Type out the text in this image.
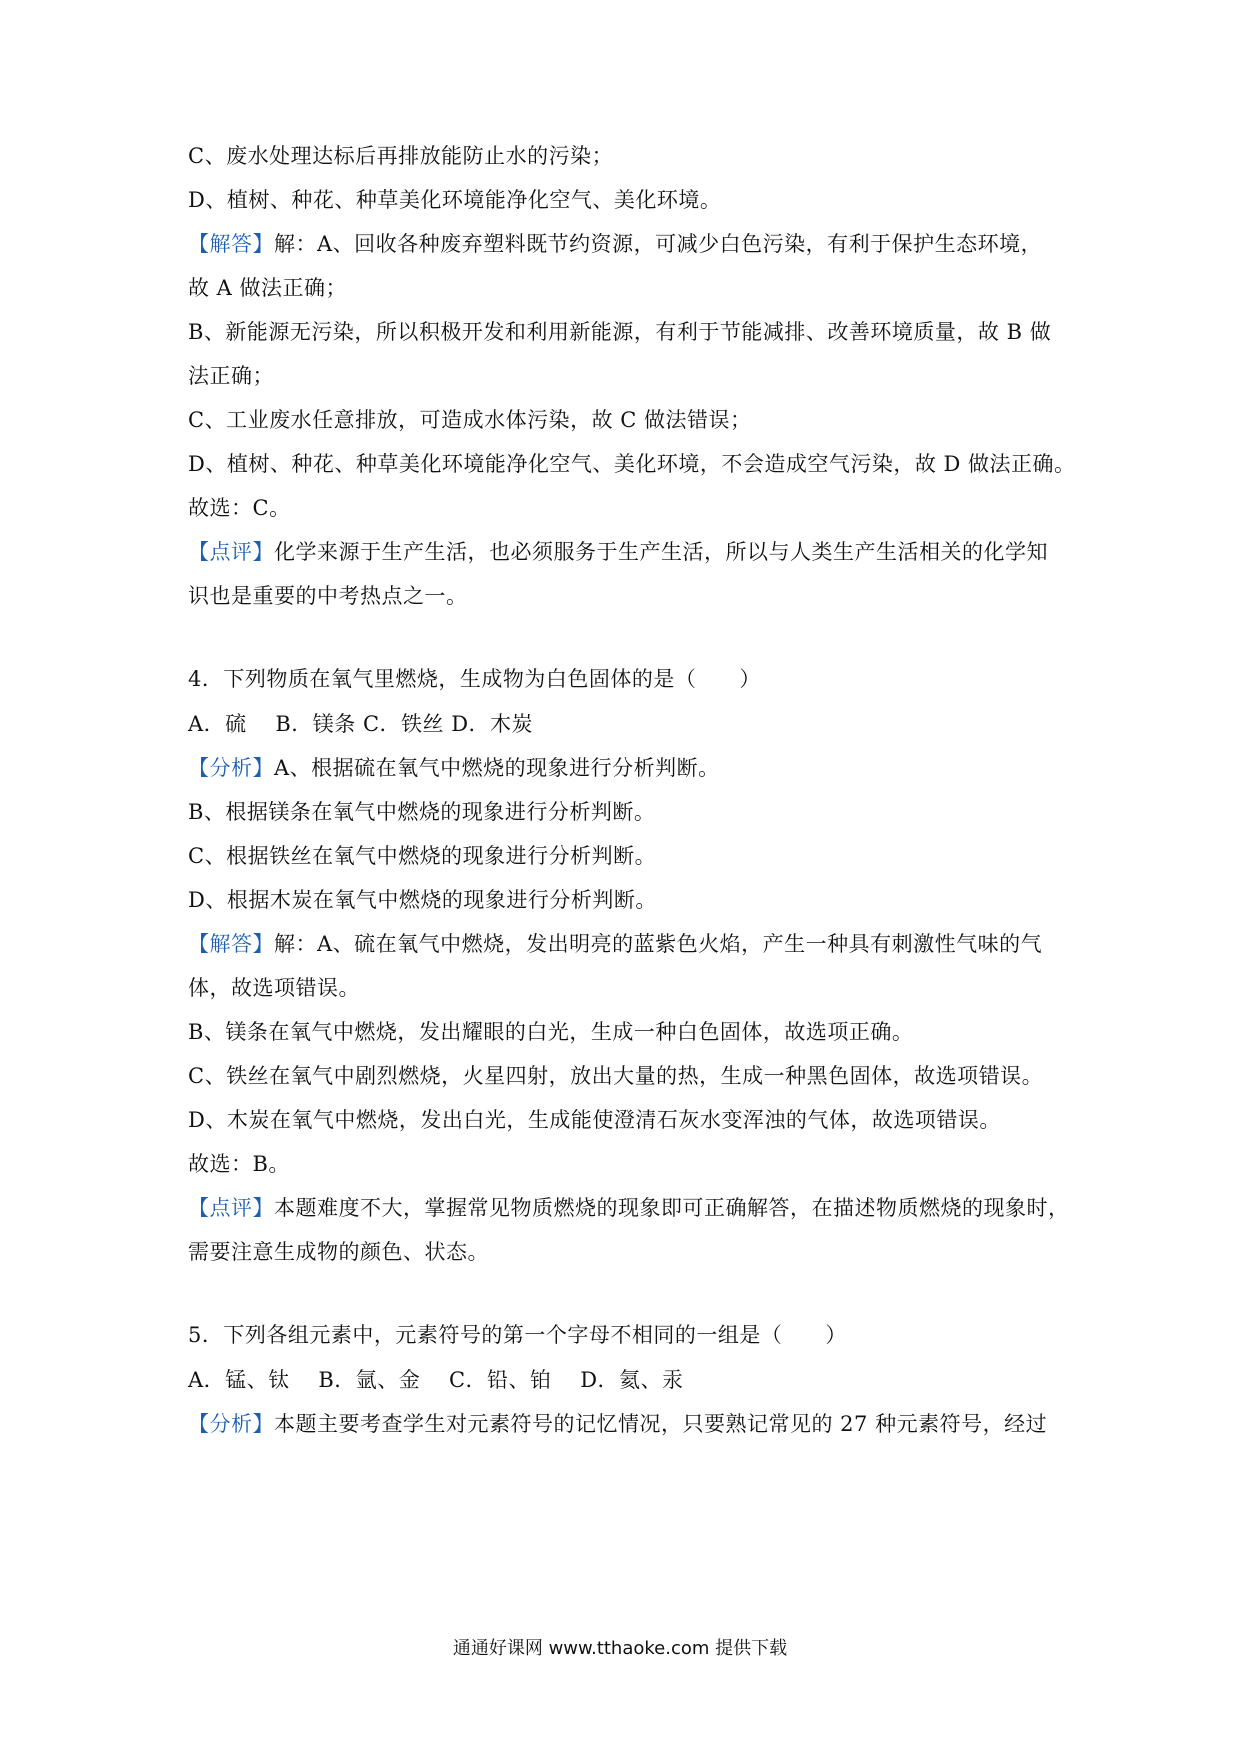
C、废水处理达标后再排放能防止水的污染；
D、植树、种花、种草美化环境能净化空气、美化环境。
【解答】解：A、回收各种废弃塑料既节约资源，可减少白色污染，有利于保护生态环境，
故 A 做法正确；
B、新能源无污染，所以积极开发和利用新能源，有利于节能减排、改善环境质量，故 B 做
法正确；
C、工业废水任意排放，可造成水体污染，故 C 做法错误；
D、植树、种花、种草美化环境能净化空气、美化环境，不会造成空气污染，故 D 做法正确。
故选：C。
【点评】化学来源于生产生活，也必须服务于生产生活，所以与人类生产生活相关的化学知
识也是重要的中考热点之一。
4．下列物质在氧气里燃烧，生成物为白色固体的是（　　）
A．硫　 B．镁条 C．铁丝 D．木炭
【分析】A、根据硫在氧气中燃烧的现象进行分析判断。
B、根据镁条在氧气中燃烧的现象进行分析判断。
C、根据铁丝在氧气中燃烧的现象进行分析判断。
D、根据木炭在氧气中燃烧的现象进行分析判断。
【解答】解：A、硫在氧气中燃烧，发出明亮的蓝紫色火焰，产生一种具有刺激性气味的气
体，故选项错误。
B、镁条在氧气中燃烧，发出耀眼的白光，生成一种白色固体，故选项正确。
C、铁丝在氧气中剧烈燃烧，火星四射，放出大量的热，生成一种黑色固体，故选项错误。
D、木炭在氧气中燃烧，发出白光，生成能使澄清石灰水变浑浊的气体，故选项错误。
故选：B。
【点评】本题难度不大，掌握常见物质燃烧的现象即可正确解答，在描述物质燃烧的现象时，
需要注意生成物的颜色、状态。
5．下列各组元素中，元素符号的第一个字母不相同的一组是（　　）
A．锰、钛　 B．氩、金　 C．铅、铂　 D．氦、汞
【分析】本题主要考查学生对元素符号的记忆情况，只要熟记常见的 27 种元素符号，经过
通通好课网 www.tthaoke.com 提供下载
